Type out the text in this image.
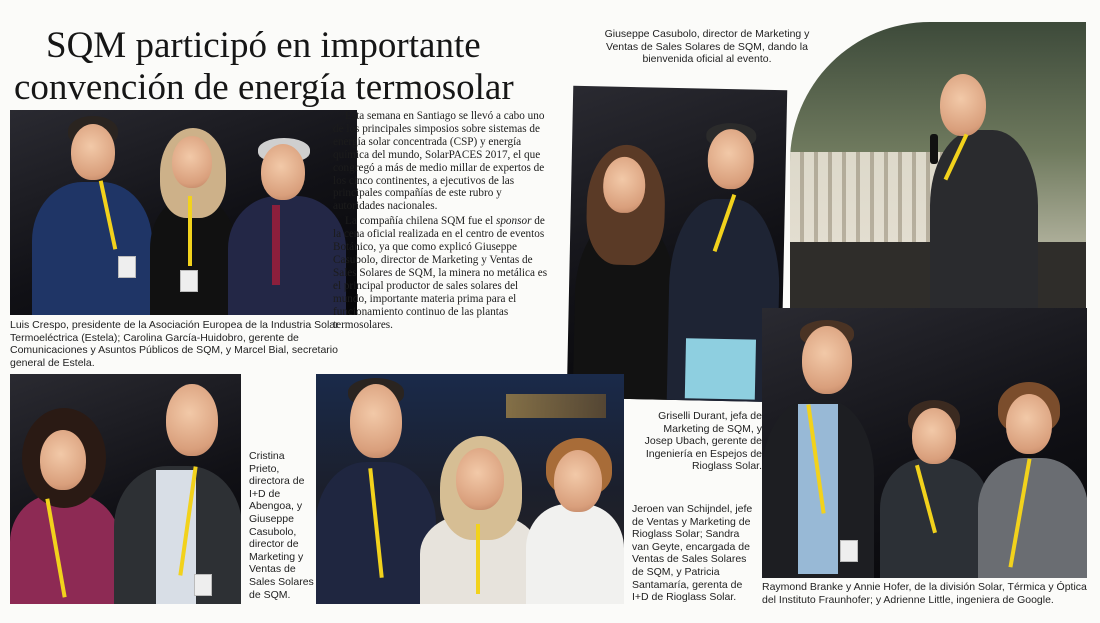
SQM participó en importante
convención de energía termosolar

Luis Crespo, presidente de la Asociación Europea de la Industria Solar Termoeléctrica (Estela); Carolina García-Huidobro, gerente de Comunicaciones y Asuntos Públicos de SQM, y Marcel Bial, secretario general de Estela.

Esta semana en Santiago se llevó a cabo uno de los principales simposios sobre sistemas de energía solar concentrada (CSP) y energía química del mundo, SolarPACES 2017, el que congregó a más de medio millar de expertos de los cinco continentes, a ejecutivos de las principales compañías de este rubro y autoridades nacionales.

La compañía chilena SQM fue el sponsor de la cena oficial realizada en el centro de eventos Botánico, ya que como explicó Giuseppe Casubolo, director de Marketing y Ventas de Sales Solares de SQM, la minera no metálica es el principal productor de sales solares del mundo, importante materia prima para el funcionamiento continuo de las plantas termosolares.

Giuseppe Casubolo, director de Marketing y Ventas de Sales Solares de SQM, dando la bienvenida oficial al evento.

Griselli Durant, jefa de Marketing de SQM, y Josep Ubach, gerente de Ingeniería en Espejos de Rioglass Solar.

Raymond Branke y Annie Hofer, de la división Solar, Térmica y Óptica del Instituto Fraunhofer; y Adrienne Little, ingeniera de Google.

Cristina Prieto, directora de I+D de Abengoa, y Giuseppe Casubolo, director de Marketing y Ventas de Sales Solares de SQM.

Jeroen van Schijndel, jefe de Ventas y Marketing de Rioglass Solar; Sandra van Geyte, encargada de Ventas de Sales Solares de SQM, y Patricia Santamaría, gerenta de I+D de Rioglass Solar.
